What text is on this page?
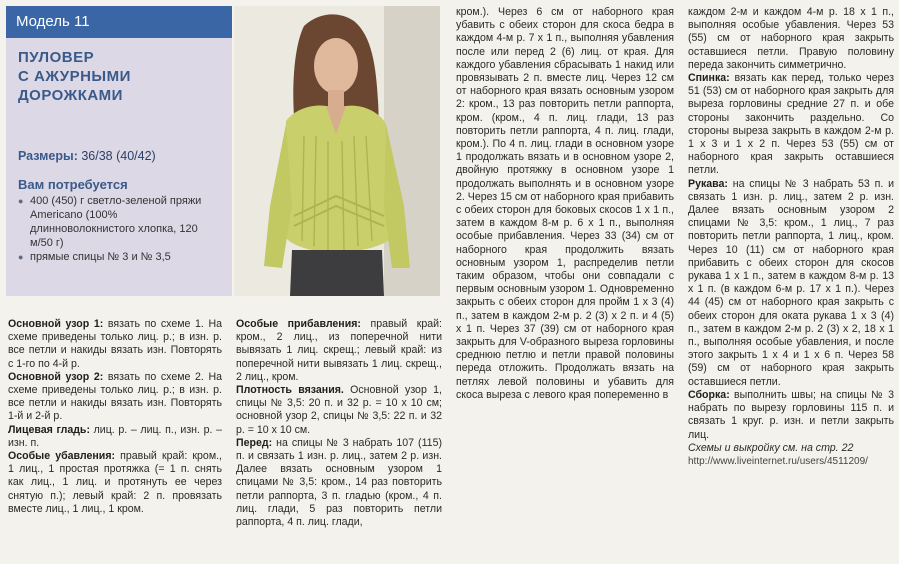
Модель 11
ПУЛОВЕР
С АЖУРНЫМИ
ДОРОЖКАМИ
Размеры: 36/38 (40/42)
Вам потребуется
● 400 (450) г светло-зеленой пряжи Americano (100% длинноволокнистого хлопка, 120 м/50 г)
● прямые спицы № 3 и № 3,5

Основной узор 1: вязать по схеме 1. На схеме приведены только лиц. р.; в изн. р. все петли и накиды вязать изн. Повторять с 1-го по 4-й р.

Основной узор 2: вязать по схеме 2. На схеме приведены только лиц. р.; в изн. р. все петли и накиды вязать изн. Повторять 1-й и 2-й р.

Лицевая гладь: лиц. р. – лиц. п., изн. р. – изн. п.

Особые убавления: правый край: кром., 1 лиц., 1 простая протяжка (= 1 п. снять как лиц., 1 лиц. и протянуть ее через снятую п.); левый край: 2 п. провязать вместе лиц., 1 лиц., 1 кром.

Особые прибавления: правый край: кром., 2 лиц., из поперечной нити вывязать 1 лиц. скрещ.; левый край: из поперечной нити вывязать 1 лиц. скрещ., 2 лиц., кром.

Плотность вязания. Основной узор 1, спицы № 3,5: 20 п. и 32 р. = 10 х 10 см; основной узор 2, спицы № 3,5: 22 п. и 32 р. = 10 х 10 см.

Перед: на спицы № 3 набрать 107 (115) п. и связать 1 изн. р. лиц., затем 2 р. изн. Далее вязать основным узором 1 спицами № 3,5: кром., 14 раз повторить петли раппорта, 3 п. гладью (кром., 4 п. лиц. глади, 5 раз повторить петли раппорта, 4 п. лиц. глади,

кром.). Через 6 см от наборного края убавить с обеих сторон для скоса бедра в каждом 4-м р. 7 х 1 п., выполняя убавления после или перед 2 (6) лиц. от края. Для каждого убавления сбрасывать 1 накид или провязывать 2 п. вместе лиц. Через 12 см от наборного края вязать основным узором 2: кром., 13 раз повторить петли раппорта, кром. (кром., 4 п. лиц. глади, 13 раз повторить петли раппорта, 4 п. лиц. глади, кром.). По 4 п. лиц. глади в основном узоре 1 продолжать вязать и в основном узоре 2, двойную протяжку в основном узоре 1 продолжать выполнять и в основном узоре 2. Через 15 см от наборного края прибавить с обеих сторон для боковых скосов 1 х 1 п., затем в каждом 8-м р. 6 х 1 п., выполняя особые прибавления. Через 33 (34) см от наборного края продолжить вязать основным узором 1, распределив петли таким образом, чтобы они совпадали с первым основным узором 1. Одновременно закрыть с обеих сторон для пройм 1 х 3 (4) п., затем в каждом 2-м р. 2 (3) х 2 п. и 4 (5) х 1 п. Через 37 (39) см от наборного края закрыть для V-образного выреза горловины среднюю петлю и петли правой половины переда отложить. Продолжать вязать на петлях левой половины и убавить для скоса выреза с левого края попеременно в

каждом 2-м и каждом 4-м р. 18 х 1 п., выполняя особые убавления. Через 53 (55) см от наборного края закрыть оставшиеся петли. Правую половину переда закончить симметрично.

Спинка: вязать как перед, только через 51 (53) см от наборного края закрыть для выреза горловины средние 27 п. и обе стороны закончить раздельно. Со стороны выреза закрыть в каждом 2-м р. 1 х 3 и 1 х 2 п. Через 53 (55) см от наборного края закрыть оставшиеся петли.

Рукава: на спицы № 3 набрать 53 п. и связать 1 изн. р. лиц., затем 2 р. изн. Далее вязать основным узором 2 спицами № 3,5: кром., 1 лиц., 7 раз повторить петли раппорта, 1 лиц., кром. Через 10 (11) см от наборного края прибавить с обеих сторон для скосов рукава 1 х 1 п., затем в каждом 8-м р. 13 х 1 п. (в каждом 6-м р. 17 х 1 п.). Через 44 (45) см от наборного края закрыть с обеих сторон для оката рукава 1 х 3 (4) п., затем в каждом 2-м р. 2 (3) х 2, 18 х 1 п., выполняя особые убавления, и после этого закрыть 1 х 4 и 1 х 6 п. Через 58 (59) см от наборного края закрыть оставшиеся петли.

Сборка: выполнить швы; на спицы № 3 набрать по вырезу горловины 115 п. и связать 1 круг. р. изн. и петли закрыть лиц.

Схемы и выкройку см. на стр. 22

http://www.liveinternet.ru/users/4511209/
